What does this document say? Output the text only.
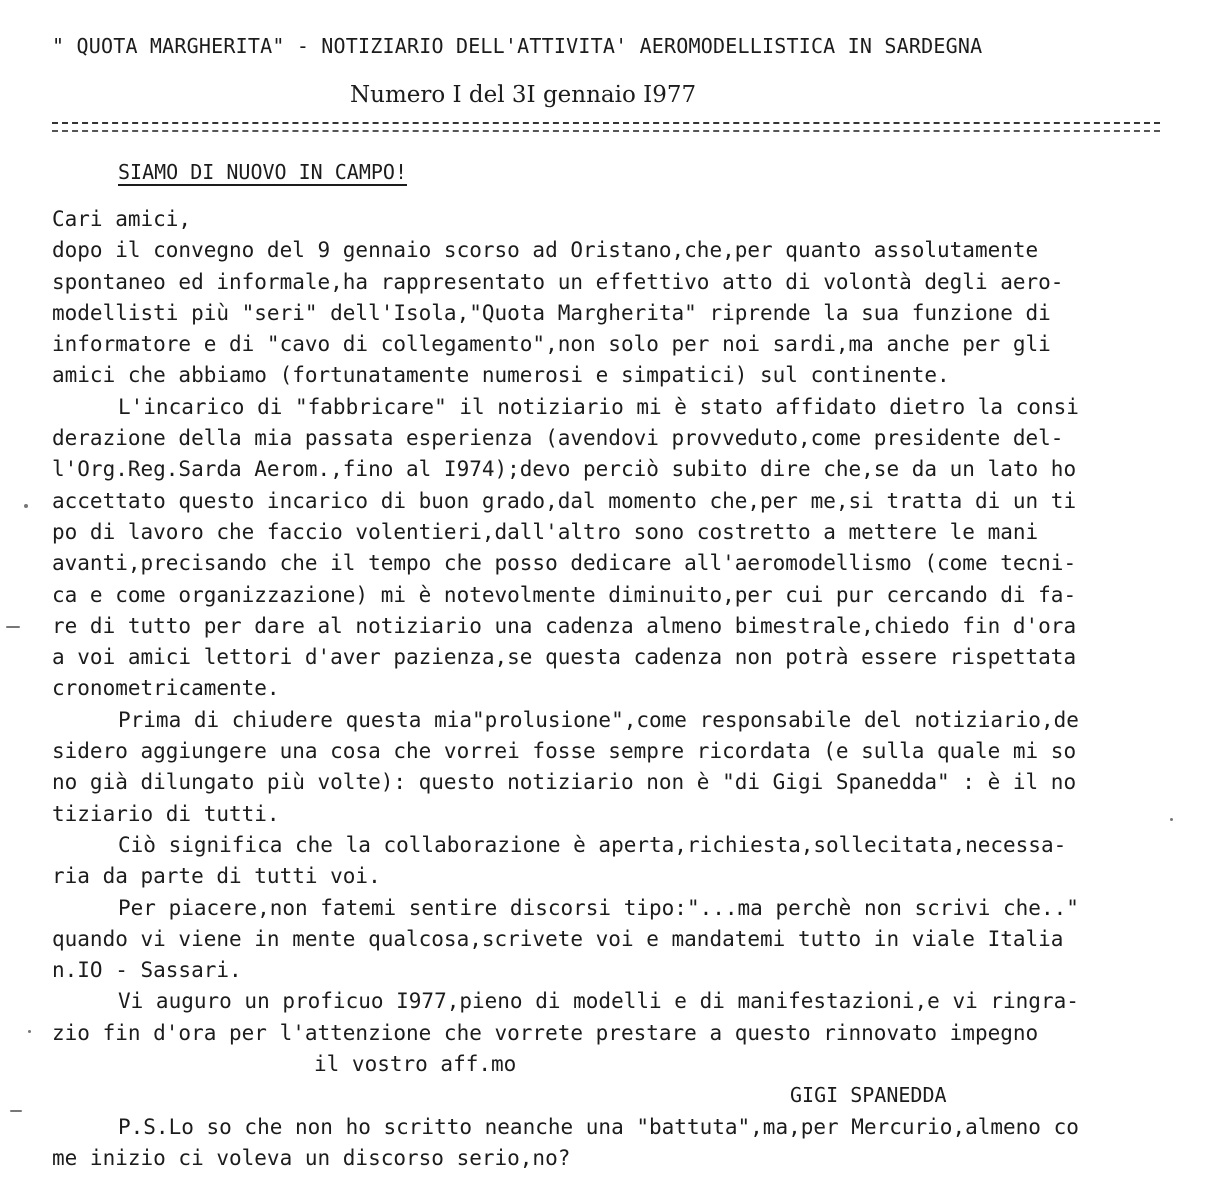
" QUOTA MARGHERITA" - NOTIZIARIO DELL'ATTIVITA' AEROMODELLISTICA IN SARDEGNA
Numero I del 3I gennaio I977
SIAMO DI NUOVO IN CAMPO!
Cari amici,
dopo il convegno del 9 gennaio scorso ad Oristano,che,per quanto assolutamente
spontaneo ed informale,ha rappresentato un effettivo atto di volontà degli aero-
modellisti più "seri" dell'Isola,"Quota Margherita" riprende la sua funzione di
informatore e di "cavo di collegamento",non solo per noi sardi,ma anche per gli
amici che abbiamo (fortunatamente numerosi e simpatici) sul continente.
L'incarico di "fabbricare" il notiziario mi è stato affidato dietro la consi
derazione della mia passata esperienza (avendovi provveduto,come presidente del-
l'Org.Reg.Sarda Aerom.,fino al I974);devo perciò subito dire che,se da un lato ho
accettato questo incarico di buon grado,dal momento che,per me,si tratta di un ti
po di lavoro che faccio volentieri,dall'altro sono costretto a mettere le mani
avanti,precisando che il tempo che posso dedicare all'aeromodellismo (come tecni-
ca e come organizzazione) mi è notevolmente diminuito,per cui pur cercando di fa-
re di tutto per dare al notiziario una cadenza almeno bimestrale,chiedo fin d'ora
a voi amici lettori d'aver pazienza,se questa cadenza non potrà essere rispettata
cronometricamente.
Prima di chiudere questa mia"prolusione",come responsabile del notiziario,de
sidero aggiungere una cosa che vorrei fosse sempre ricordata (e sulla quale mi so
no già dilungato più volte): questo notiziario non è "di Gigi Spanedda" : è il no
tiziario di tutti.
Ciò significa che la collaborazione è aperta,richiesta,sollecitata,necessa-
ria da parte di tutti voi.
Per piacere,non fatemi sentire discorsi tipo:"...ma perchè non scrivi che.."
quando vi viene in mente qualcosa,scrivete voi e mandatemi tutto in viale Italia
n.IO - Sassari.
Vi auguro un proficuo I977,pieno di modelli e di manifestazioni,e vi ringra-
zio fin d'ora per l'attenzione che vorrete prestare a questo rinnovato impegno
il vostro aff.mo
GIGI SPANEDDA
P.S.Lo so che non ho scritto neanche una "battuta",ma,per Mercurio,almeno co
me inizio ci voleva un discorso serio,no?
